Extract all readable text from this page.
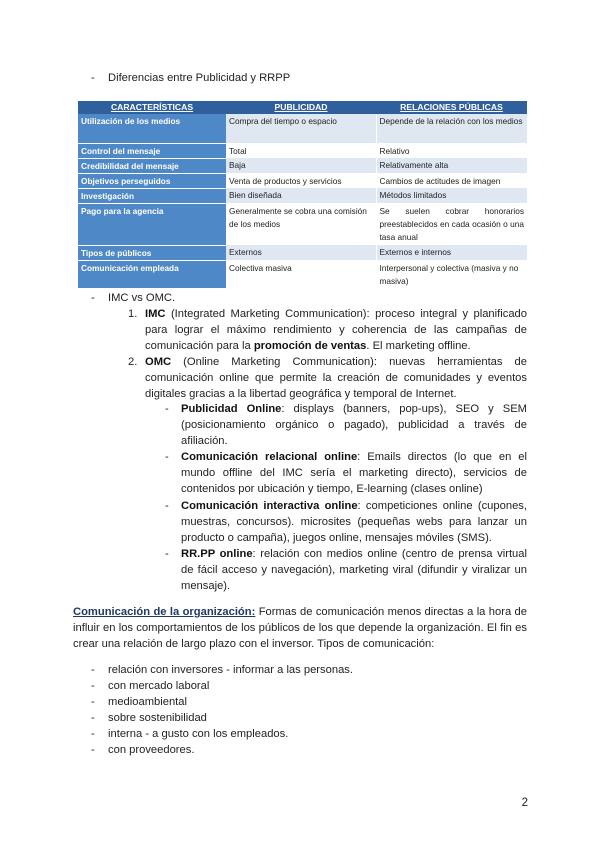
- Diferencias entre Publicidad y RRPP
CARACTERÍSTICAS	PUBLICIDAD	RELACIONES PÚBLICAS
Utilización de los medios	Compra del tiempo o espacio	Depende de la relación con los medios
Control del mensaje	Total	Relativo
Credibilidad del mensaje	Baja	Relativamente alta
Objetivos perseguidos	Venta de productos y servicios	Cambios de actitudes de imagen
Investigación	Bien diseñada	Métodos limitados
Pago para la agencia	Generalmente se cobra una comisión de los medios	Se suelen cobrar honorarios preestablecidos en cada ocasión o una tasa anual
Tipos de públicos	Externos	Externos e internos
Comunicación empleada	Colectiva masiva	Interpersonal y colectiva (masiva y no masiva)
- IMC vs OMC.
1. IMC (Integrated Marketing Communication): proceso integral y planificado para lograr el máximo rendimiento y coherencia de las campañas de comunicación para la promoción de ventas. El marketing offline.
2. OMC (Online Marketing Communication): nuevas herramientas de comunicación online que permite la creación de comunidades y eventos digitales gracias a la libertad geográfica y temporal de Internet.
- Publicidad Online: displays (banners, pop-ups), SEO y SEM (posicionamiento orgánico o pagado), publicidad a través de afiliación.
- Comunicación relacional online: Emails directos (lo que en el mundo offline del IMC sería el marketing directo), servicios de contenidos por ubicación y tiempo, E-learning (clases online)
- Comunicación interactiva online: competiciones online (cupones, muestras, concursos). microsites (pequeñas webs para lanzar un producto o campaña), juegos online, mensajes móviles (SMS).
- RR.PP online: relación con medios online (centro de prensa virtual de fácil acceso y navegación), marketing viral (difundir y viralizar un mensaje).
Comunicación de la organización: Formas de comunicación menos directas a la hora de influir en los comportamientos de los públicos de los que depende la organización. El fin es crear una relación de largo plazo con el inversor. Tipos de comunicación:
- relación con inversores - informar a las personas.
- con mercado laboral
- medioambiental
- sobre sostenibilidad
- interna - a gusto con los empleados.
- con proveedores.
2
